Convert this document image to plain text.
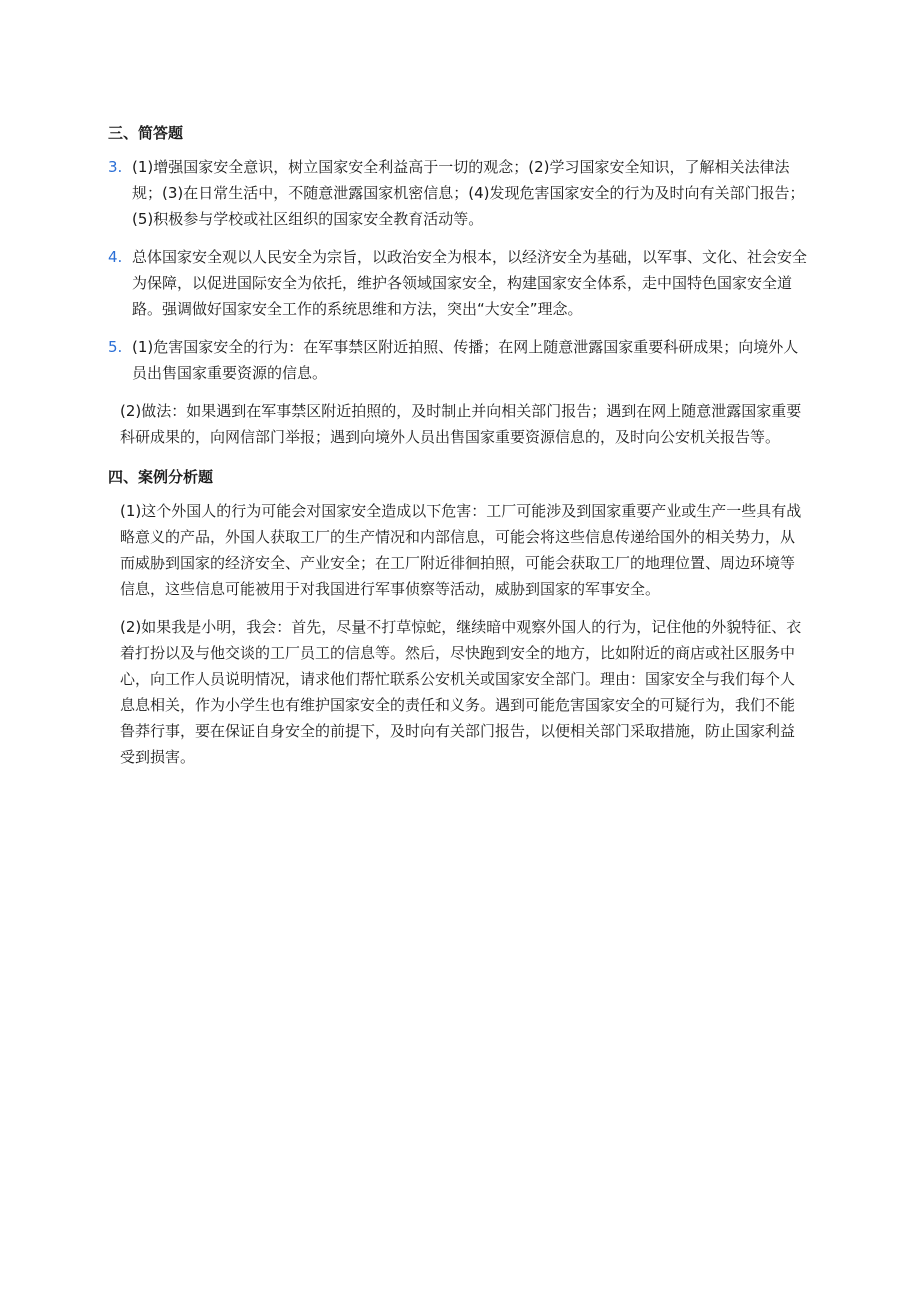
三、简答题
3. (1)增强国家安全意识，树立国家安全利益高于一切的观念；(2)学习国家安全知识，了解相关法律法规；(3)在日常生活中，不随意泄露国家机密信息；(4)发现危害国家安全的行为及时向有关部门报告；(5)积极参与学校或社区组织的国家安全教育活动等。
4. 总体国家安全观以人民安全为宗旨，以政治安全为根本，以经济安全为基础，以军事、文化、社会安全为保障，以促进国际安全为依托，维护各领域国家安全，构建国家安全体系，走中国特色国家安全道路。强调做好国家安全工作的系统思维和方法，突出“大安全”理念。
5. (1)危害国家安全的行为：在军事禁区附近拍照、传播；在网上随意泄露国家重要科研成果；向境外人员出售国家重要资源的信息。
(2)做法：如果遇到在军事禁区附近拍照的，及时制止并向相关部门报告；遇到在网上随意泄露国家重要科研成果的，向网信部门举报；遇到向境外人员出售国家重要资源信息的，及时向公安机关报告等。
四、案例分析题
(1)这个外国人的行为可能会对国家安全造成以下危害：工厂可能涉及到国家重要产业或生产一些具有战略意义的产品，外国人获取工厂的生产情况和内部信息，可能会将这些信息传递给国外的相关势力，从而威胁到国家的经济安全、产业安全；在工厂附近徘徊拍照，可能会获取工厂的地理位置、周边环境等信息，这些信息可能被用于对我国进行军事侦察等活动，威胁到国家的军事安全。
(2)如果我是小明，我会：首先，尽量不打草惊蛇，继续暗中观察外国人的行为，记住他的外貌特征、衣着打扮以及与他交谈的工厂员工的信息等。然后，尽快跑到安全的地方，比如附近的商店或社区服务中心，向工作人员说明情况，请求他们帮忙联系公安机关或国家安全部门。理由：国家安全与我们每个人息息相关，作为小学生也有维护国家安全的责任和义务。遇到可能危害国家安全的可疑行为，我们不能鲁莽行事，要在保证自身安全的前提下，及时向有关部门报告，以便相关部门采取措施，防止国家利益受到损害。
